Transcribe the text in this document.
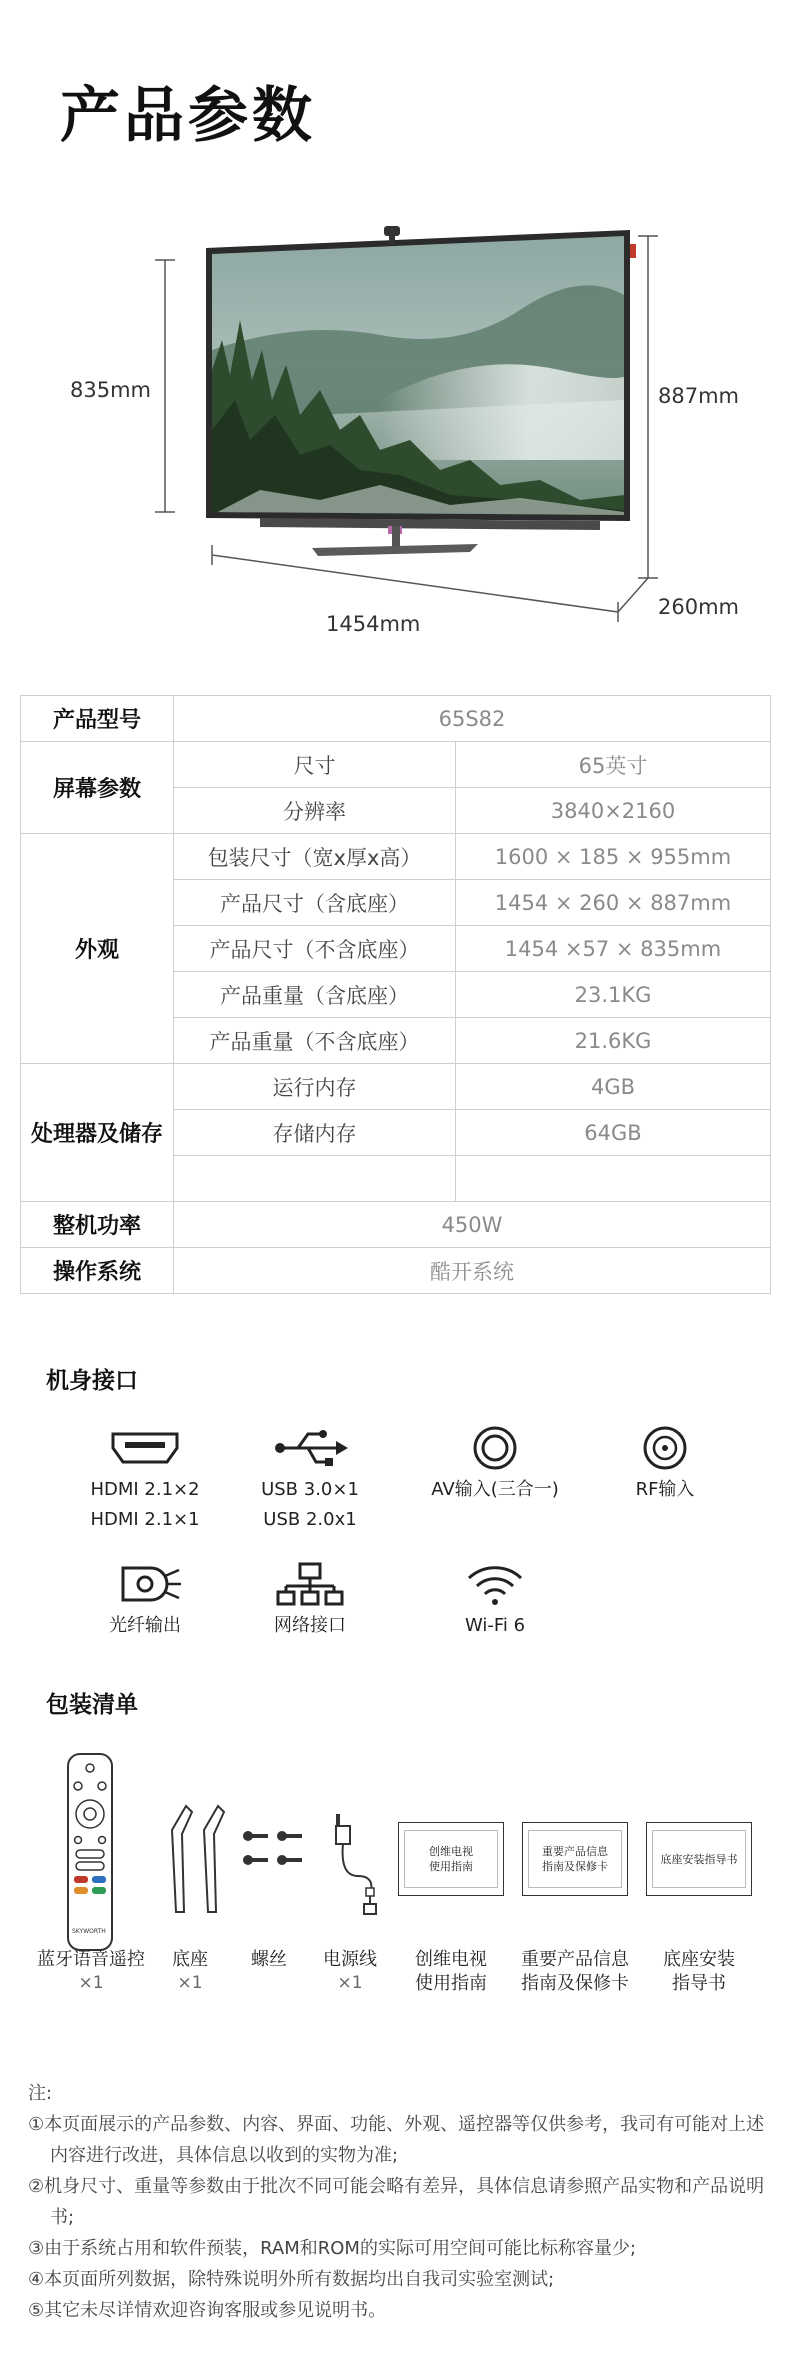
产品参数
835mm	887mm
1454mm
260mm
产品型号	65S82	
屏幕参数	尺寸	65英寸
	分辨率	3840×2160
外观	包装尺寸（宽x厚x高）	1600 × 185 × 955mm
	产品尺寸（含底座）	1454 × 260 × 887mm
	产品尺寸（不含底座）	1454 ×57 × 835mm
	产品重量（含底座）	23.1KG
	产品重量（不含底座）	21.6KG
处理器及储存	运行内存	4GB
	存储内存	64GB

整机功率	450W	
操作系统	酷开系统	
机身接口
HDMI 2.1×2
HDMI 2.1×1
USB 3.0×1
USB 2.0x1
AV输入(三合一)	RF输入
光纤输出	网络接口	Wi-Fi 6
包装清单
SKYWORTH
创维电视
使用指南
重要产品信息
指南及保修卡
底座安装指导书
蓝牙语音遥控
×1
底座
×1
螺丝	电源线
×1
创维电视
使用指南
重要产品信息
指南及保修卡
底座安装
指导书
注:
①本页面展示的产品参数、内容、界面、功能、外观、遥控器等仅供参考，我司有可能对上述内容进行改进，具体信息以收到的实物为准;
②机身尺寸、重量等参数由于批次不同可能会略有差异，具体信息请参照产品实物和产品说明书;
③由于系统占用和软件预装，RAM和ROM的实际可用空间可能比标称容量少;
④本页面所列数据，除特殊说明外所有数据均出自我司实验室测试;
⑤其它未尽详情欢迎咨询客服或参见说明书。
